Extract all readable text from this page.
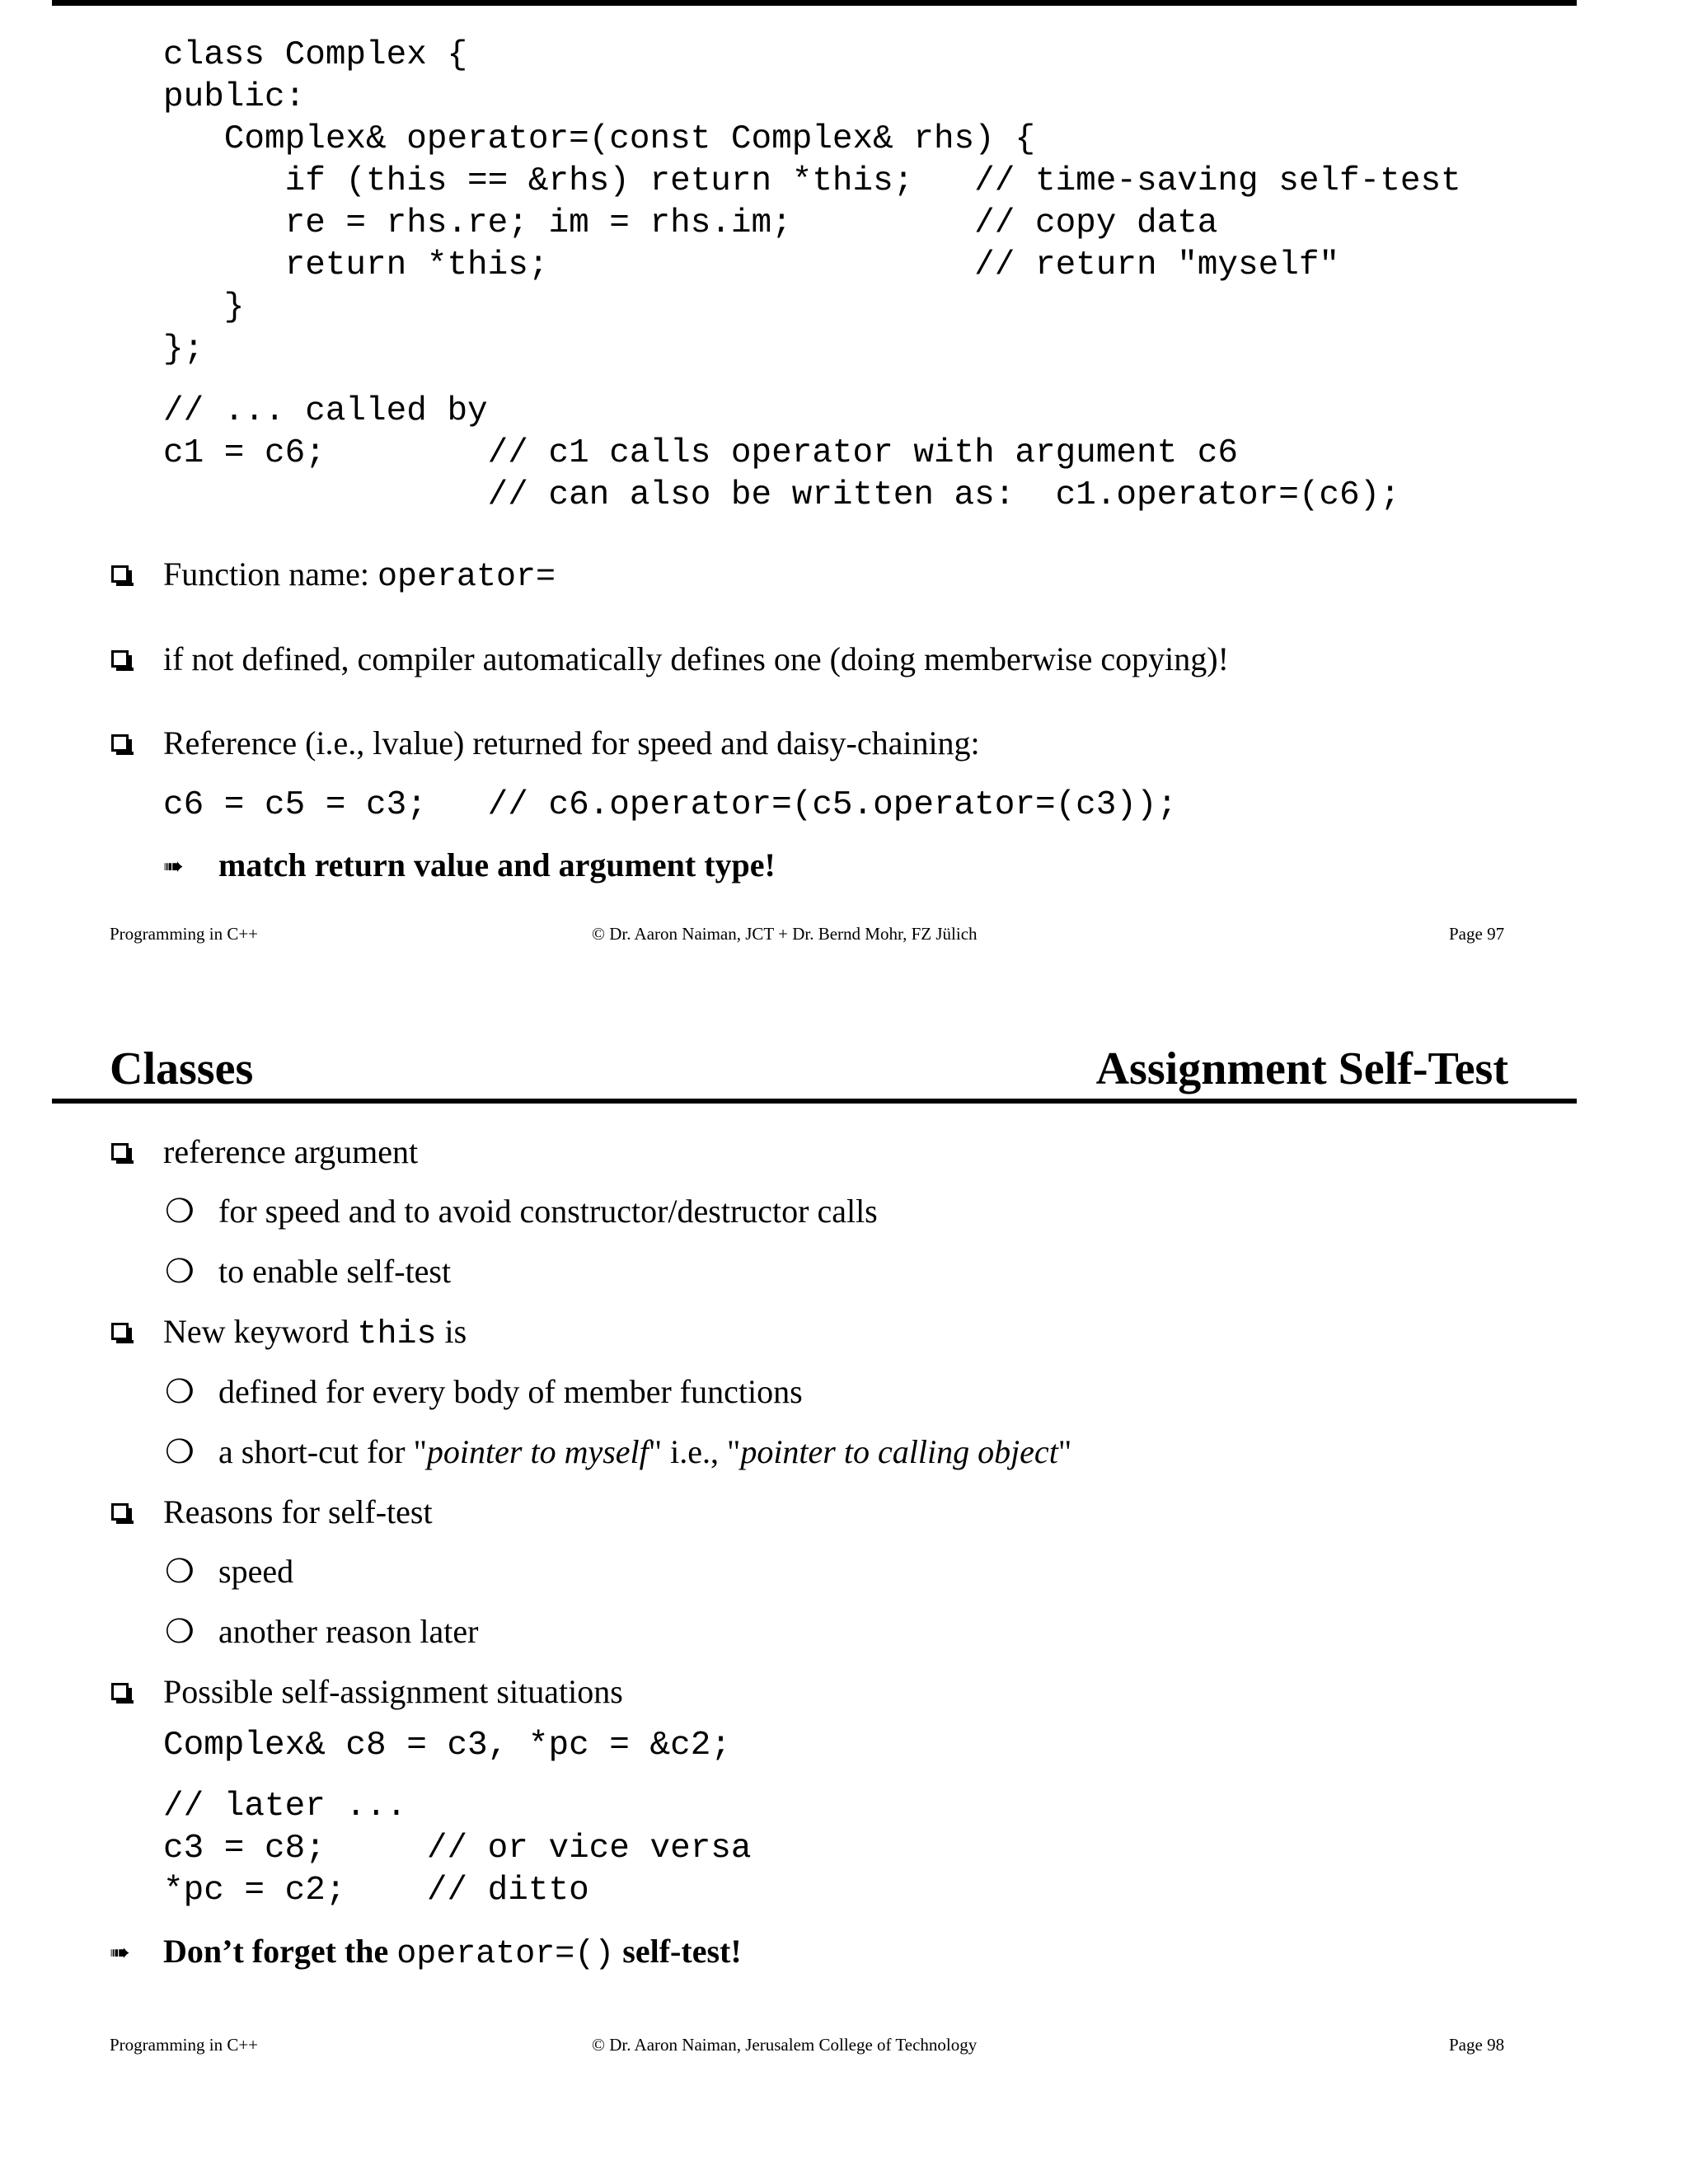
class Complex {
public:
Complex& operator=(const Complex& rhs) {
if (this == &rhs) return *this;   // time-saving self-test
re = rhs.re; im = rhs.im;         // copy data
return *this;                     // return "myself"
}
};
// ... called by
c1 = c6;        // c1 calls operator with argument c6
// can also be written as:  c1.operator=(c6);
Function name: operator=
if not defined, compiler automatically defines one (doing memberwise copying)!
Reference (i.e., lvalue) returned for speed and daisy-chaining:
c6 = c5 = c3;   // c6.operator=(c5.operator=(c3));
➠ match return value and argument type!
Programming in C++	© Dr. Aaron Naiman, JCT + Dr. Bernd Mohr, FZ Jülich	Page 97
Classes	Assignment Self-Test
reference argument
❍ for speed and to avoid constructor/destructor calls
❍ to enable self-test
New keyword this is
❍ defined for every body of member functions
❍ a short-cut for "pointer to myself" i.e., "pointer to calling object"
Reasons for self-test
❍ speed
❍ another reason later
Possible self-assignment situations
Complex& c8 = c3, *pc = &c2;
// later ...
c3 = c8;     // or vice versa
*pc = c2;    // ditto
➠ Don’t forget the operator=() self-test!
Programming in C++	© Dr. Aaron Naiman, Jerusalem College of Technology	Page 98
